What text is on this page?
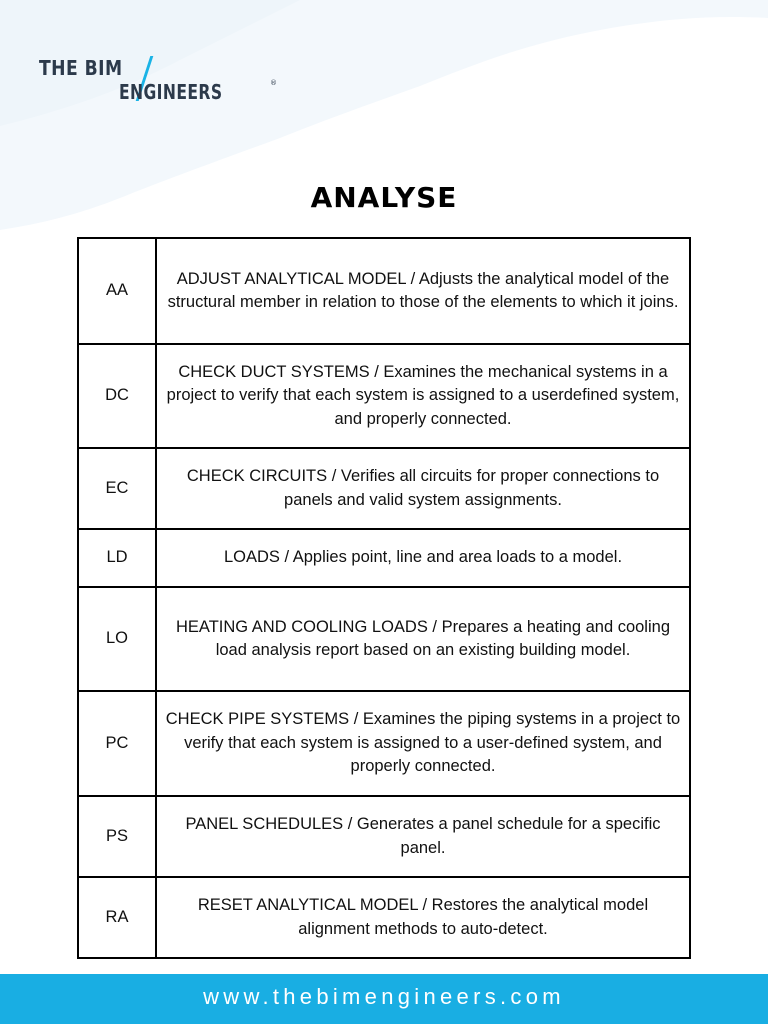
THE BIM
ENGINEERS	®
ANALYSE
AA	ADJUST ANALYTICAL MODEL / Adjusts the analytical model of the structural member in relation to those of the elements to which it joins.
DC	CHECK DUCT SYSTEMS / Examines the mechanical systems in a project to verify that each system is assigned to a userdefined system, and properly connected.
EC	CHECK CIRCUITS / Verifies all circuits for proper connections to panels and valid system assignments.
LD	LOADS / Applies point, line and area loads to a model.
LO	HEATING AND COOLING LOADS / Prepares a heating and cooling load analysis report based on an existing building model.
PC	CHECK PIPE SYSTEMS / Examines the piping systems in a project to verify that each system is assigned to a user-defined system, and properly connected.
PS	PANEL SCHEDULES / Generates a panel schedule for a specific panel.
RA	RESET ANALYTICAL MODEL / Restores the analytical model alignment methods to auto-detect.
www.thebimengineers.com
